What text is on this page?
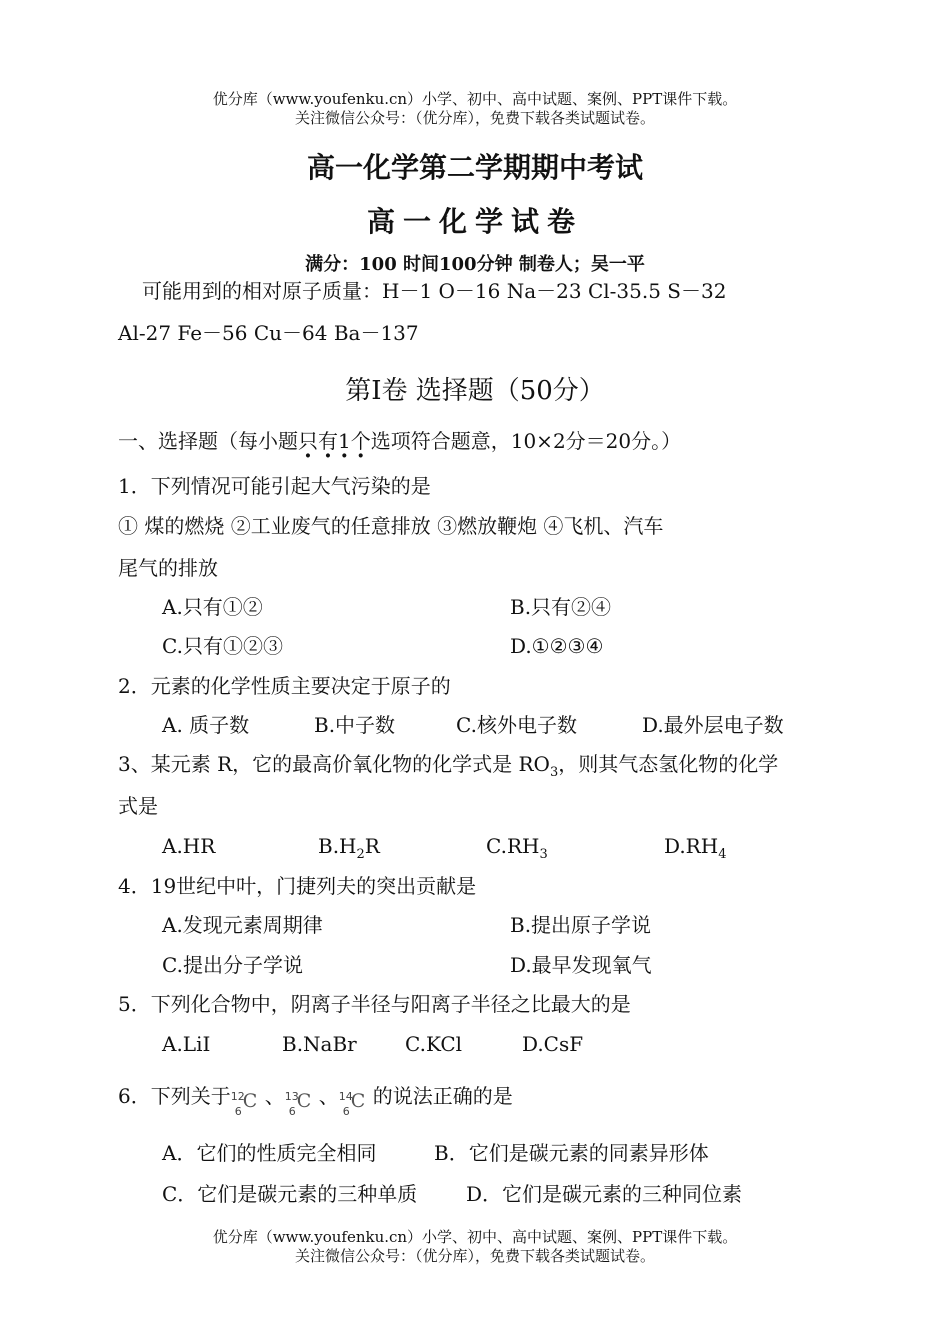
优分库（www.youfenku.cn）小学、初中、高中试题、案例、PPT课件下载。
关注微信公众号：（优分库），免费下载各类试题试卷。
高一化学第二学期期中考试
高一化学试卷
满分：100 时间100分钟 制卷人；吴一平
可能用到的相对原子质量：H－1 O－16 Na－23 Cl-35.5 S－32
Al-27 Fe－56 Cu－64 Ba－137
第Ⅰ卷 选择题（50分）
一、选择题（每小题只有1 ·个选项符合题意，10×2分＝20分。）
1．下列情况可能引起大气污染的是
① 煤的燃烧 ②工业废气的任意排放 ③燃放鞭炮 ④飞机、汽车
尾气的排放
A.只有①②	B.只有②④
C.只有①②③	D.①②③④
2．元素的化学性质主要决定于原子的
A. 质子数	B.中子数	C.核外电子数	D.最外层电子数
3、某元素 R，它的最高价氧化物的化学式是 $RO_3$，则其气态氢化物的化学
式是
A.HR	$B.H_2R$	$C.RH_3$	$D.RH_4$
4．19世纪中叶，门捷列夫的突出贡献是
A.发现元素周期律	B.提出原子学说
C.提出分子学说	D.最早发现氧气
5．下列化合物中，阴离子半径与阳离子半径之比最大的是
A.LiI	B.NaBr C.KCl	D.CsF
6．下列关于 12
6 C 、 13
6 C 、 14
6 C 的说法正确的是
A．它们的性质完全相同	B．它们是碳元素的同素异形体
C．它们是碳元素的三种单质 D．它们是碳元素的三种同位素
优分库（www.youfenku.cn）小学、初中、高中试题、案例、PPT课件下载。
关注微信公众号：（优分库），免费下载各类试题试卷。
